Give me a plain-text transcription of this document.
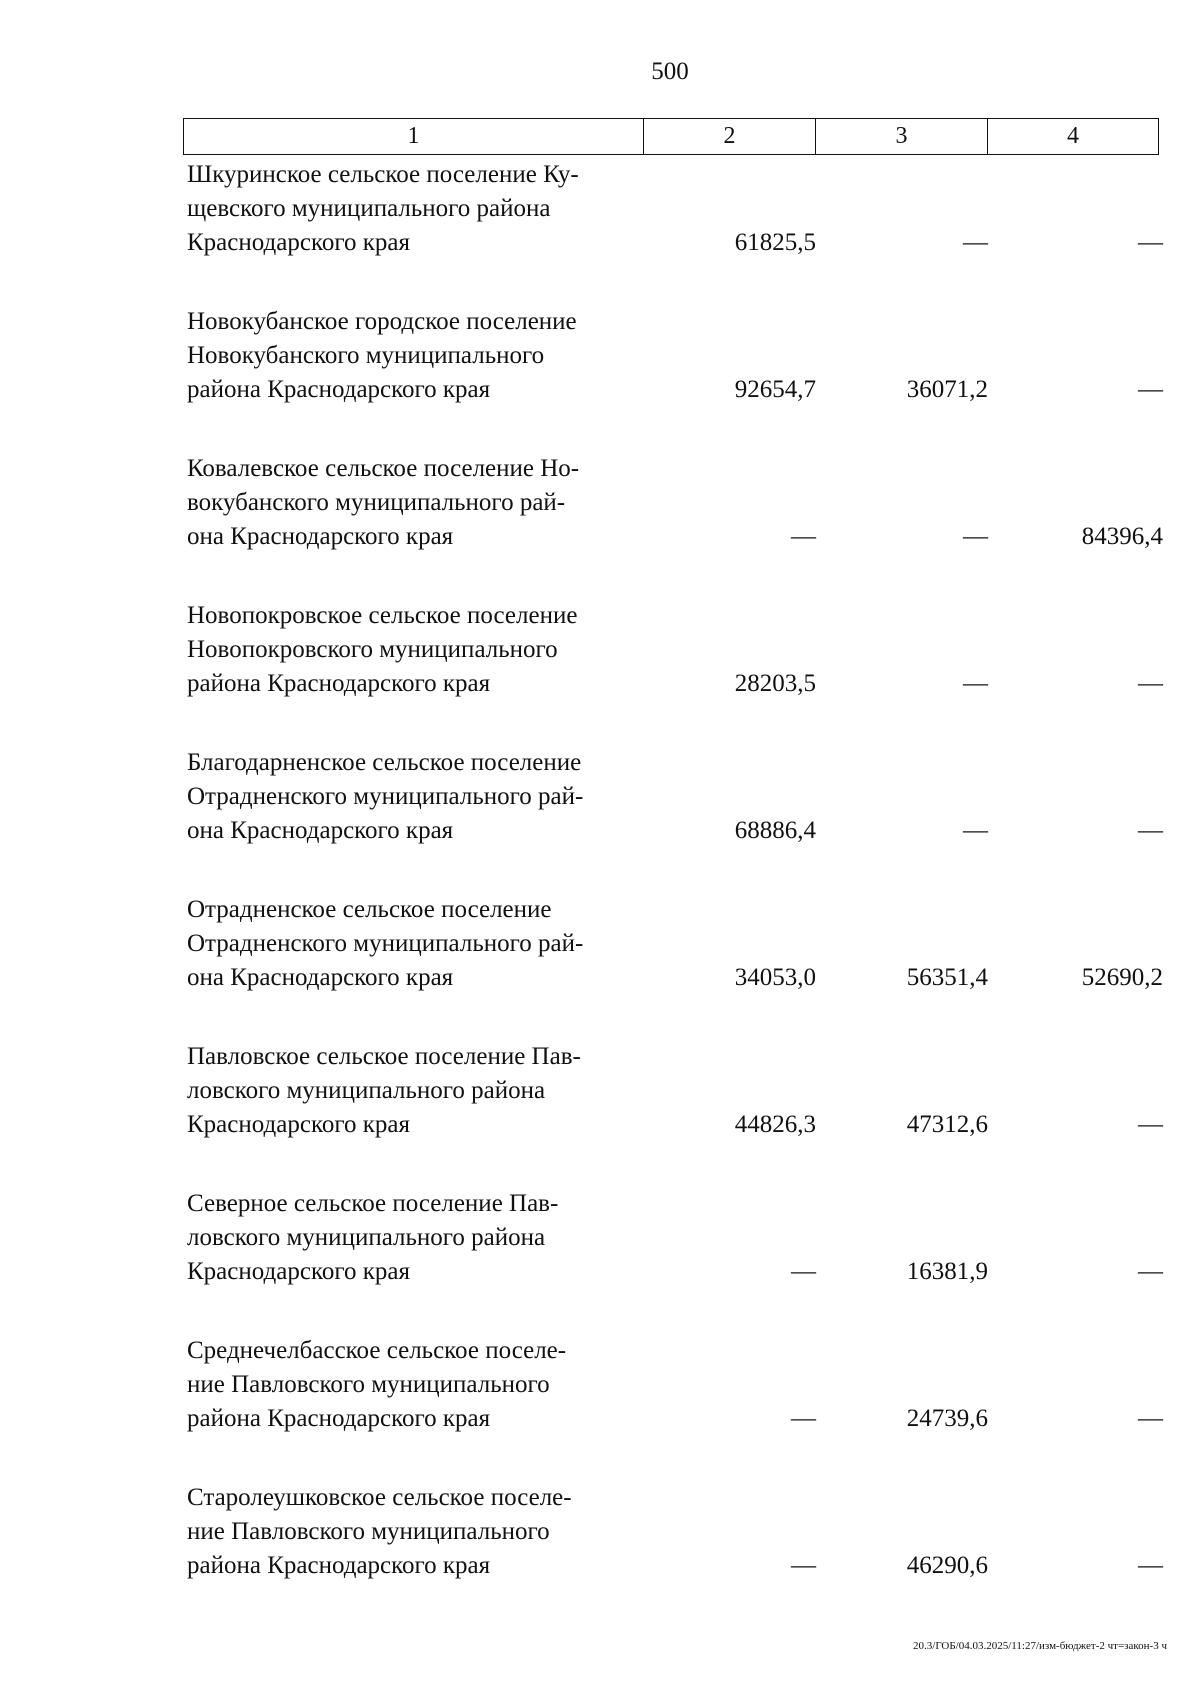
500
1	2	3	4
Шкуринское сельское поселение Ку-
щевского муниципального района
Краснодарского края	61825,5	—	—
Новокубанское городское поселение
Новокубанского муниципального
района Краснодарского края	92654,7	36071,2	—
Ковалевское сельское поселение Но-
вокубанского муниципального рай-
она Краснодарского края	—	—	84396,4
Новопокровское сельское поселение
Новопокровского муниципального
района Краснодарского края	28203,5	—	—
Благодарненское сельское поселение
Отрадненского муниципального рай-
она Краснодарского края	68886,4	—	—
Отрадненское сельское поселение
Отрадненского муниципального рай-
она Краснодарского края	34053,0	56351,4	52690,2
Павловское сельское поселение Пав-
ловского муниципального района
Краснодарского края	44826,3	47312,6	—
Северное сельское поселение Пав-
ловского муниципального района
Краснодарского края	—	16381,9	—
Среднечелбасское сельское поселе-
ние Павловского муниципального
района Краснодарского края	—	24739,6	—
Старолеушковское сельское поселе-
ние Павловского муниципального
района Краснодарского края	—	46290,6	—
20.3/ГОБ/04.03.2025/11:27/изм-бюджет-2 чт=закон-3 ч
